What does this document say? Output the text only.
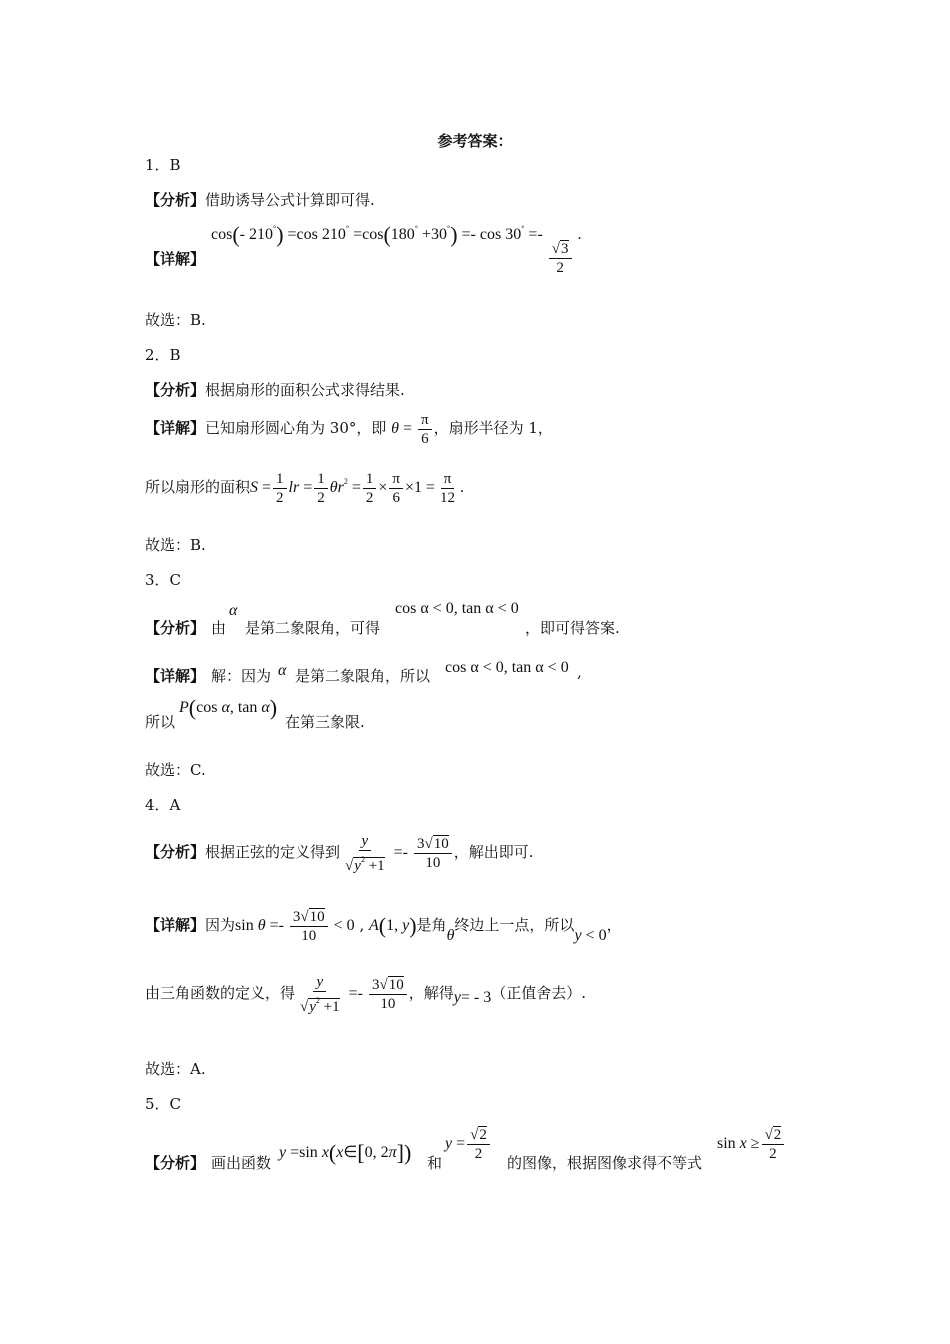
参考答案：
1．B
【分析】借助诱导公式计算即可得.
【详解】
cos(- 210°) =cos 210° =cos(180° +30°) =- cos 30° =-
$\frac{√3}{2}$
.
故选：B.
2．B
【分析】根据扇形的面积公式求得结果.
【详解】已知扇形圆心角为 30°，即 $\theta = \frac{\pi}{6}$ ，扇形半径为 1，
所以扇形的面积$S = \frac{1}{2}$ lr = $\frac{1}{2} \theta r^2 = \frac{1}{2} \times \frac{\pi}{6} \times 1 = \frac{\pi}{12}$ .
故选：B.
3．C
【分析】 由
α
是第二象限角，可得
cos α < 0, tan α < 0
，即可得答案.
【详解】 解：因为 α 是第二象限角，所以 cos α < 0, tan α < 0 ,
所以
P(cos α, tan α)
在第三象限.
故选：C.
4．A
【分析】根据正弦的定义得到 $\frac{y}{√y^2 +1} =- \frac{3√10}{10}$ ，解出即可.
【详解】因为$\sin \theta =- \frac{3√10}{10} < 0$ , A(1, y)是角θ终边上一点，所以y < 0，
由三角函数的定义，得 $\frac{y}{√y^2 +1} =- \frac{3√10}{10}$ ，解得y= - 3（正值舍去）.
故选：A.
5．C
【分析】 画出函数
y =sin x(x∈[0, 2π]) 和
$y = \frac{√2}{2}$ 的图像，根据图像求得不等式
$\sin x \ge \frac{√2}{2}$
